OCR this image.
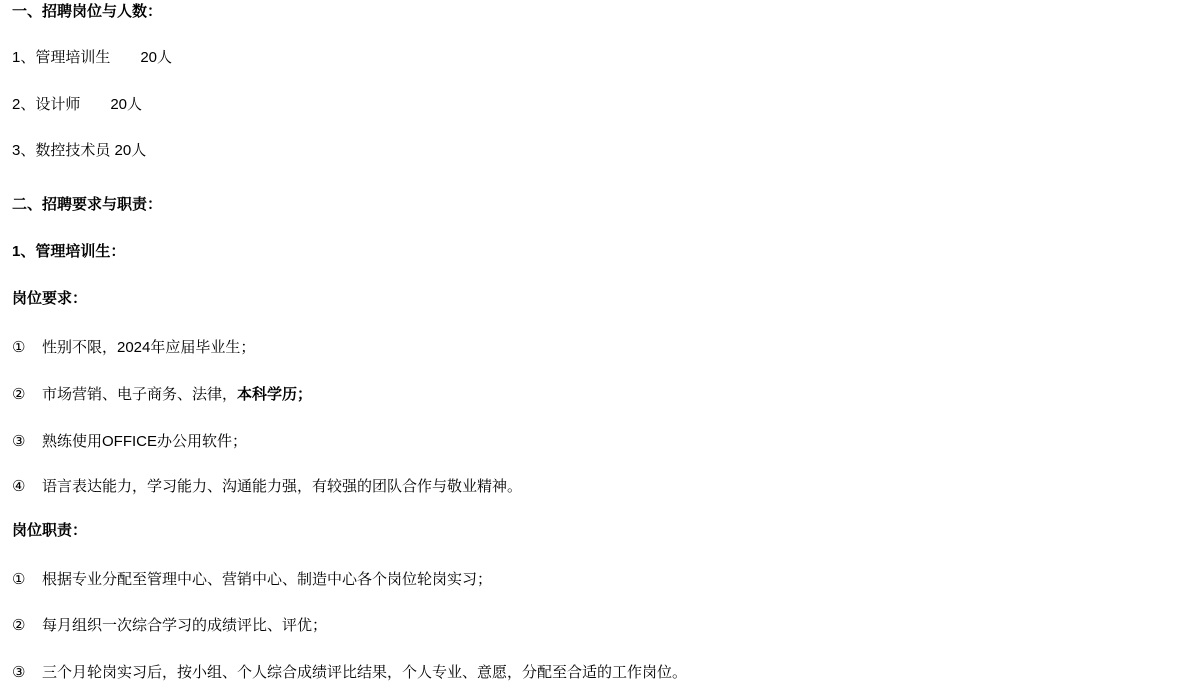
一、招聘岗位与人数：
1、管理培训生　　20人
2、设计师　　20人
3、数控技术员 20人
二、招聘要求与职责：
1、管理培训生：
岗位要求：
①	性别不限，2024年应届毕业生；
②	市场营销、电子商务、法律， 本科学历；
③	熟练使用OFFICE办公用软件；
④	语言表达能力，学习能力、沟通能力强，有较强的团队合作与敬业精神。
岗位职责：
①	根据专业分配至管理中心、营销中心、制造中心各个岗位轮岗实习；
②	每月组织一次综合学习的成绩评比、评优；
③	三个月轮岗实习后，按小组、个人综合成绩评比结果，个人专业、意愿，分配至合适的工作岗位。
